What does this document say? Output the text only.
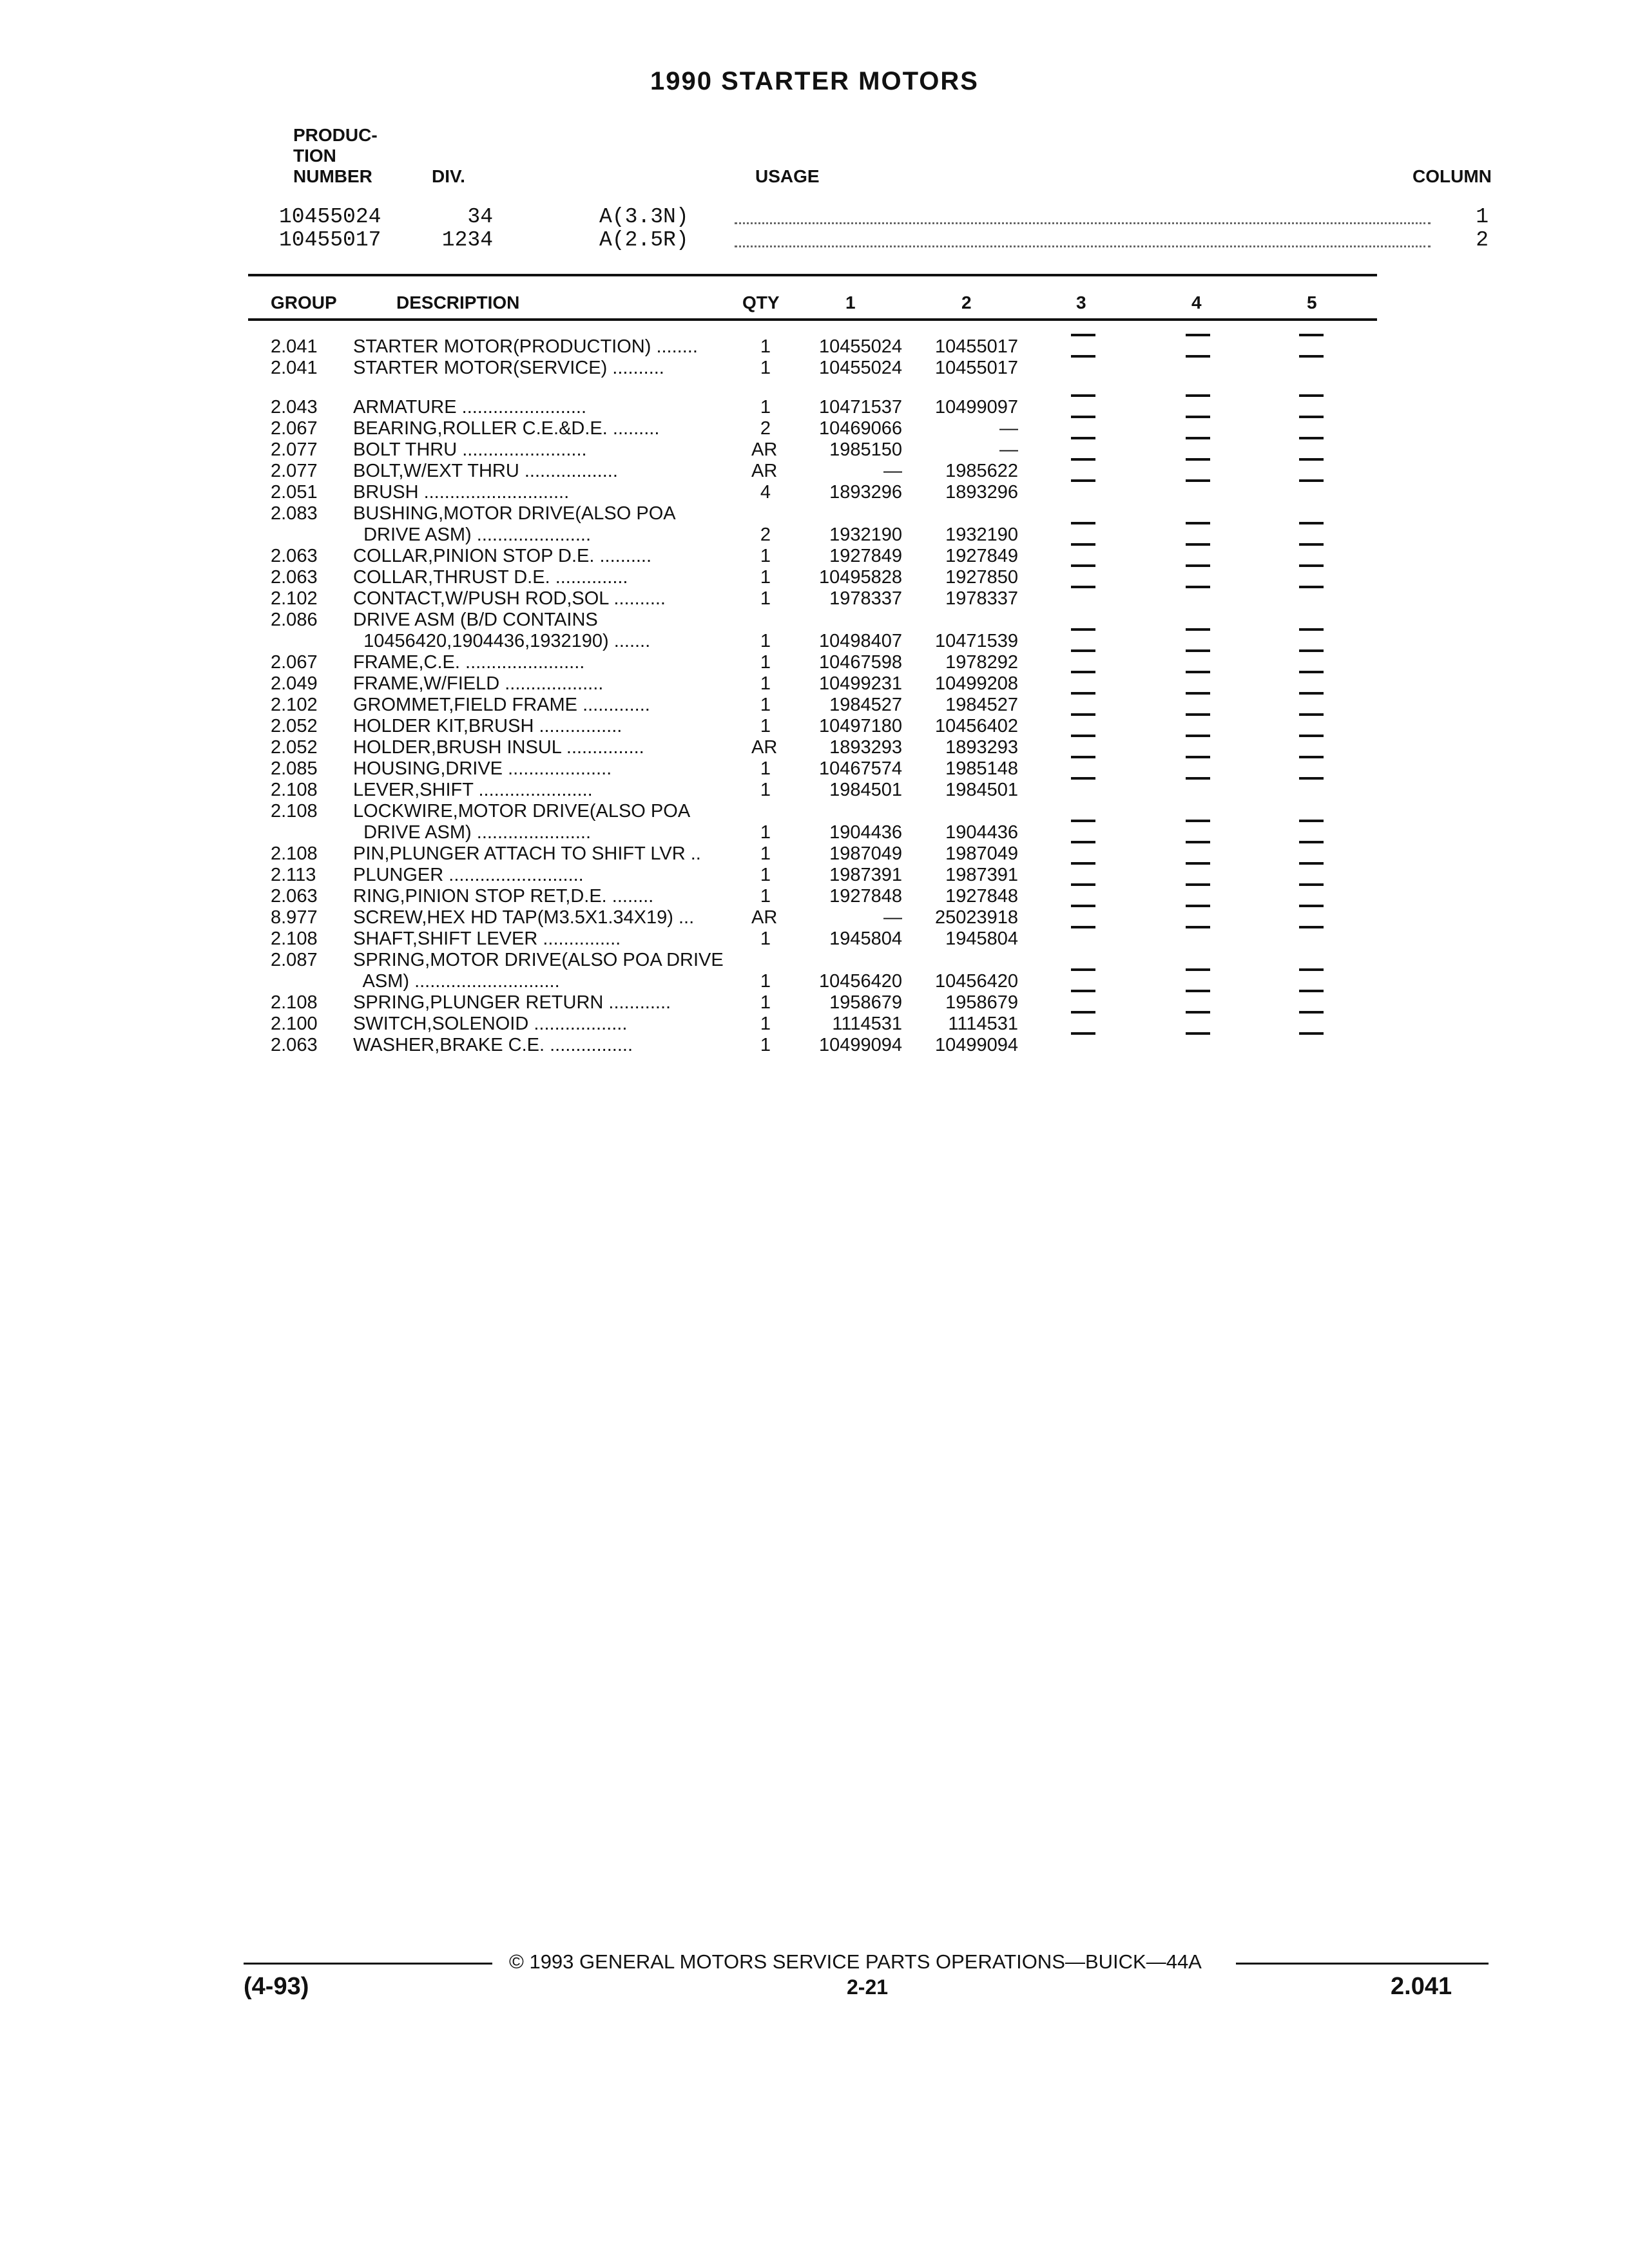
1990 STARTER MOTORS
PRODUC-
TION
NUMBER	DIV.	USAGE	COLUMN
10455024	34	A(3.3N)	1
10455017	1234	A(2.5R)	2
GROUP	DESCRIPTION	QTY	1	2	3	4	5
2.041 STARTER MOTOR(PRODUCTION) ........	1	10455024	10455017
2.041 STARTER MOTOR(SERVICE) ..........	1	10455024	10455017
2.043 ARMATURE ........................	1	10471537	10499097
2.067 BEARING,ROLLER C.E.&D.E. .........	2	10469066	—
2.077 BOLT THRU ........................	AR	1985150	—
2.077 BOLT,W/EXT THRU ..................	AR	—	1985622
2.051 BRUSH ............................	4	1893296	1893296
2.083 BUSHING,MOTOR DRIVE(ALSO POA
DRIVE ASM) ......................	2	1932190	1932190
2.063 COLLAR,PINION STOP D.E. ..........	1	1927849	1927849
2.063 COLLAR,THRUST D.E. ..............	1	10495828	1927850
2.102 CONTACT,W/PUSH ROD,SOL ..........	1	1978337	1978337
2.086 DRIVE ASM (B/D CONTAINS
10456420,1904436,1932190) .......	1	10498407	10471539
2.067 FRAME,C.E. .......................	1	10467598	1978292
2.049 FRAME,W/FIELD ...................	1	10499231	10499208
2.102 GROMMET,FIELD FRAME .............	1	1984527	1984527
2.052 HOLDER KIT,BRUSH ................	1	10497180	10456402
2.052 HOLDER,BRUSH INSUL ...............	AR	1893293	1893293
2.085 HOUSING,DRIVE ....................	1	10467574	1985148
2.108 LEVER,SHIFT ......................	1	1984501	1984501
2.108 LOCKWIRE,MOTOR DRIVE(ALSO POA
DRIVE ASM) ......................	1	1904436	1904436
2.108 PIN,PLUNGER ATTACH TO SHIFT LVR ..	1	1987049	1987049
2.113 PLUNGER ..........................	1	1987391	1987391
2.063 RING,PINION STOP RET,D.E. ........	1	1927848	1927848
8.977 SCREW,HEX HD TAP(M3.5X1.34X19) ...	AR	—	25023918
2.108 SHAFT,SHIFT LEVER ...............	1	1945804	1945804
2.087 SPRING,MOTOR DRIVE(ALSO POA DRIVE
ASM) ............................	1	10456420	10456420
2.108 SPRING,PLUNGER RETURN ............	1	1958679	1958679
2.100 SWITCH,SOLENOID ..................	1	1114531	1114531
2.063 WASHER,BRAKE C.E. ................	1	10499094	10499094
© 1993 GENERAL MOTORS SERVICE PARTS OPERATIONS—BUICK—44A
(4-93)	2-21	2.041
